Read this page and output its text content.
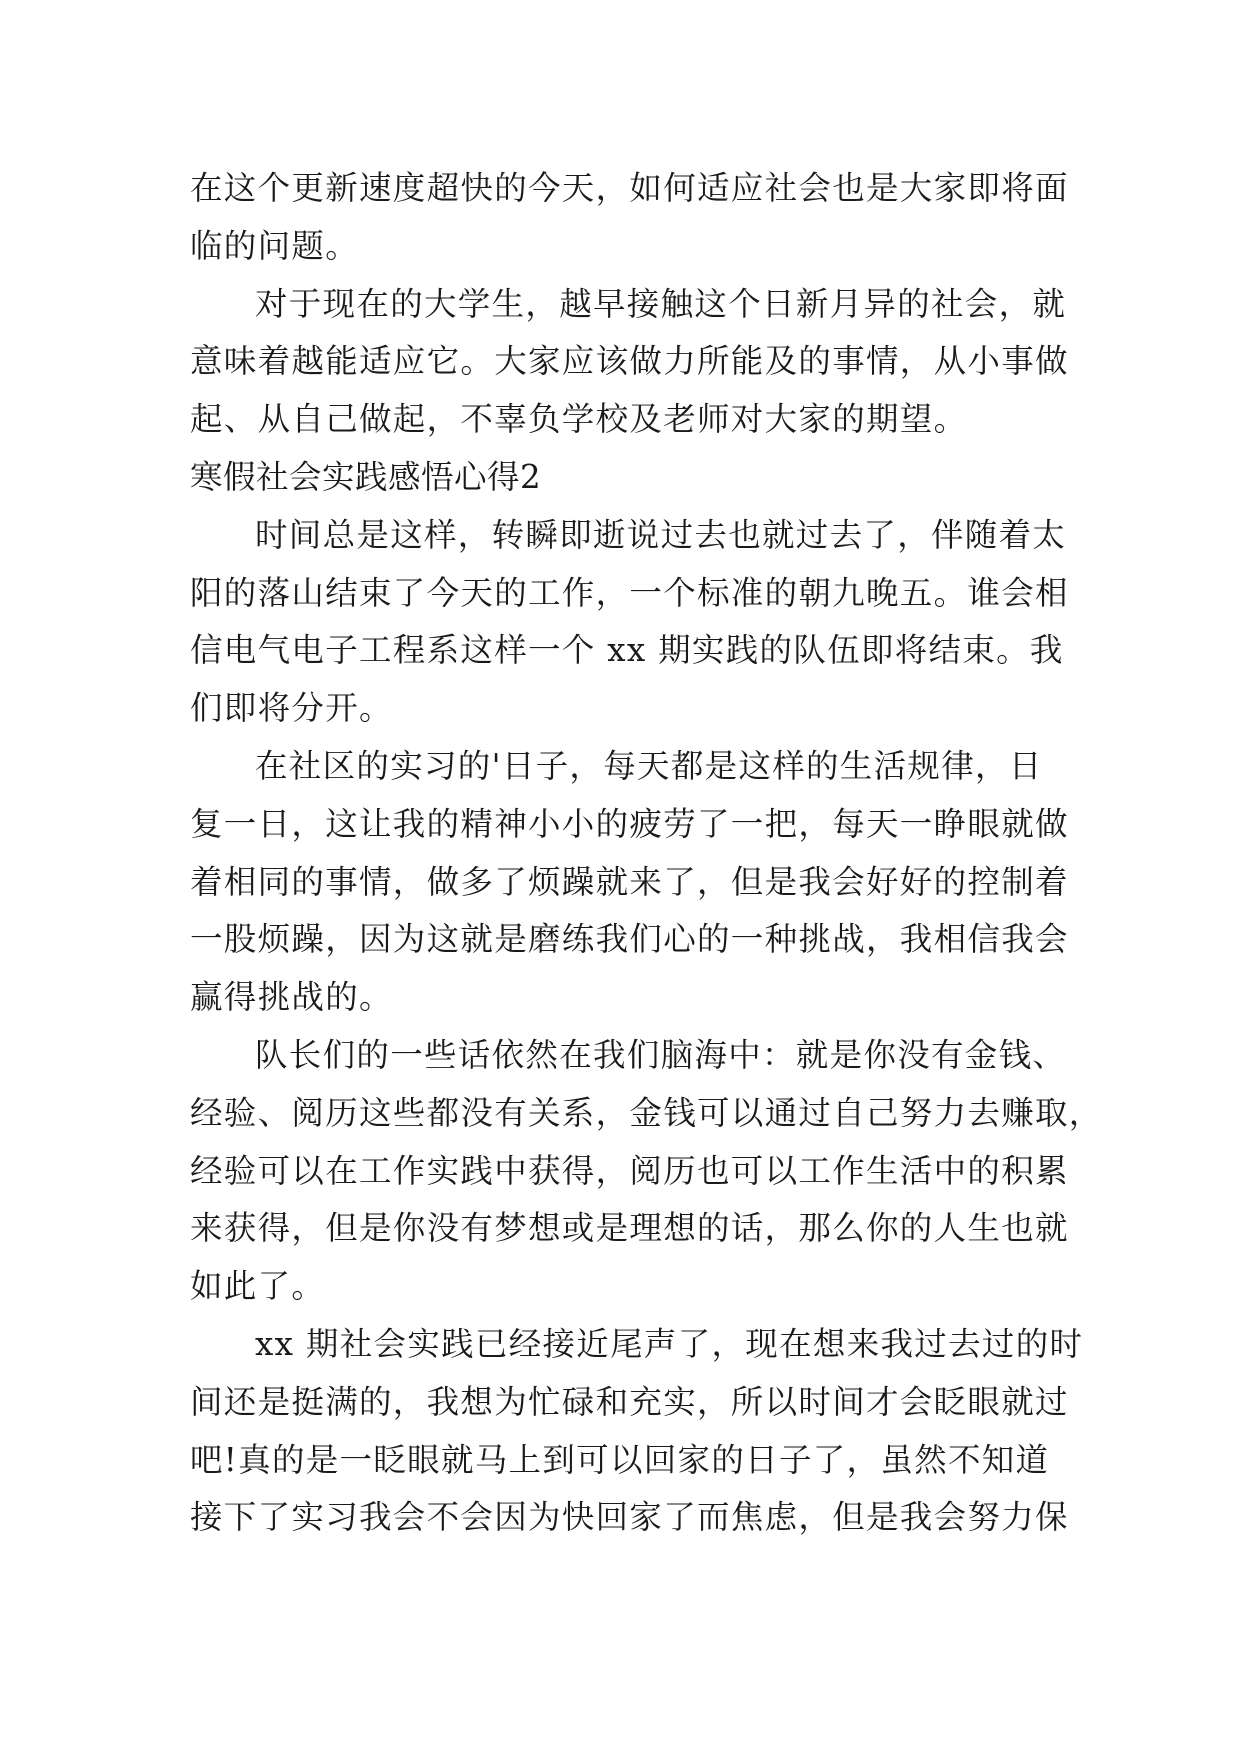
在这个更新速度超快的今天，如何适应社会也是大家即将面
临的问题。
对于现在的大学生，越早接触这个日新月异的社会，就
意味着越能适应它。大家应该做力所能及的事情，从小事做
起、从自己做起，不辜负学校及老师对大家的期望。
寒假社会实践感悟心得2
时间总是这样，转瞬即逝说过去也就过去了，伴随着太
阳的落山结束了今天的工作，一个标准的朝九晚五。谁会相
信电气电子工程系这样一个 xx 期实践的队伍即将结束。我
们即将分开。
在社区的实习的'日子，每天都是这样的生活规律，日
复一日，这让我的精神小小的疲劳了一把，每天一睁眼就做
着相同的事情，做多了烦躁就来了，但是我会好好的控制着
一股烦躁，因为这就是磨练我们心的一种挑战，我相信我会
赢得挑战的。
队长们的一些话依然在我们脑海中：就是你没有金钱、
经验、阅历这些都没有关系，金钱可以通过自己努力去赚取，
经验可以在工作实践中获得，阅历也可以工作生活中的积累
来获得，但是你没有梦想或是理想的话，那么你的人生也就
如此了。
xx 期社会实践已经接近尾声了，现在想来我过去过的时
间还是挺满的，我想为忙碌和充实，所以时间才会眨眼就过
吧!真的是一眨眼就马上到可以回家的日子了，虽然不知道
接下了实习我会不会因为快回家了而焦虑，但是我会努力保
